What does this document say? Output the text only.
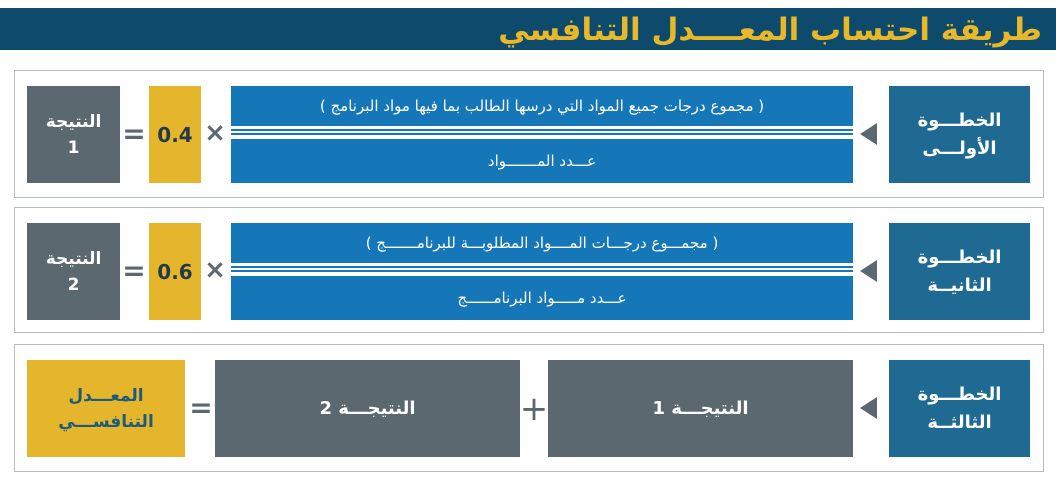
طريقة احتساب المعــــدل التنافسي
الخطـــوة
الأولـــى
( مجموع درجات جميع المواد التي درسها الطالب بما فيها مواد البرنامج )
عـــدد المـــــــواد
×
0.4
=
النتيجة
1
الخطـــوة
الثانيــة
( مجمـــوع درجـــات المــــواد المطلوبـــة للبرنامـــــــج )
عـــدد مـــــواد البرنامــــــج
×
0.6
=
النتيجة
2
الخطـــوة
الثالثــة
النتيجـــة 1
+
النتيجـــة 2
=
المعـــدل
التنافســـي
